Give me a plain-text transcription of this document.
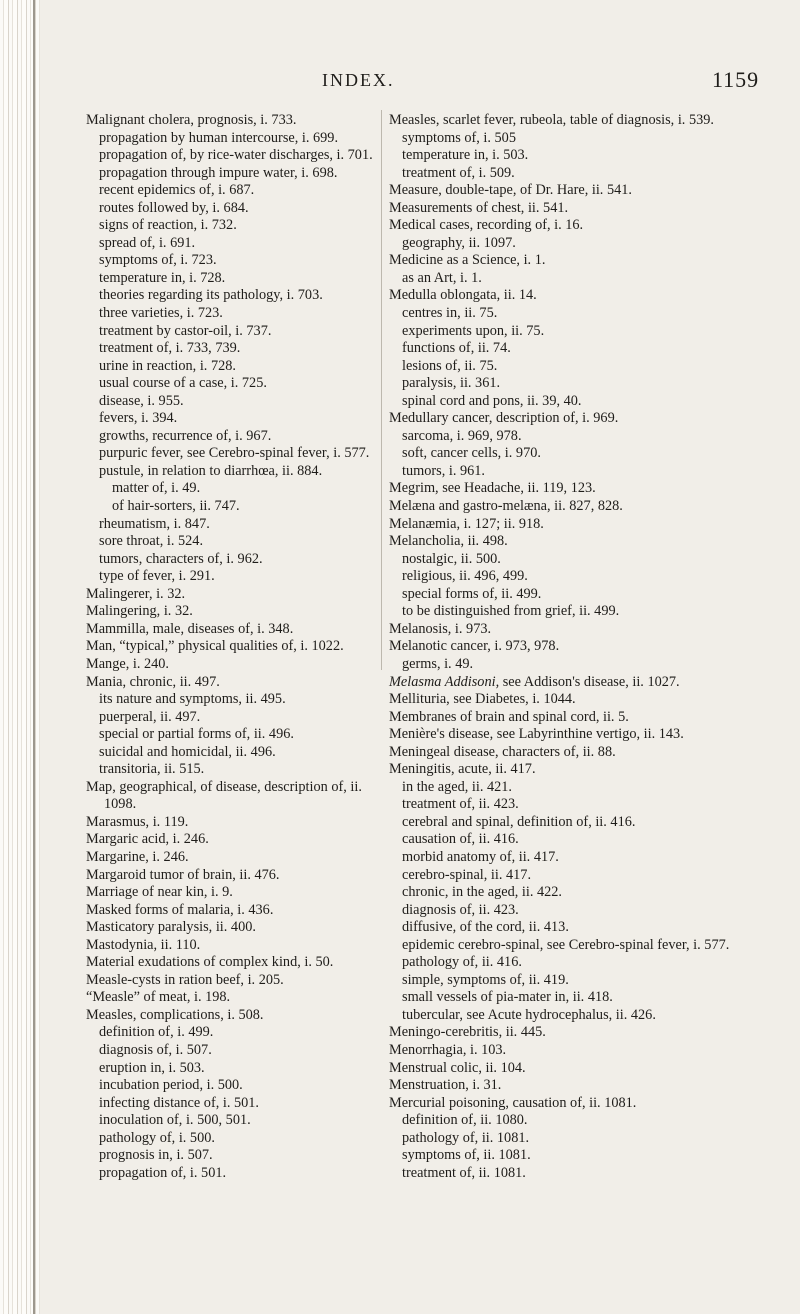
INDEX.	1159
Malignant cholera, prognosis, i. 733.
propagation by human intercourse, i. 699.
propagation of, by rice-water discharges, i. 701.
propagation through impure water, i. 698.
recent epidemics of, i. 687.
routes followed by, i. 684.
signs of reaction, i. 732.
spread of, i. 691.
symptoms of, i. 723.
temperature in, i. 728.
theories regarding its pathology, i. 703.
three varieties, i. 723.
treatment by castor-oil, i. 737.
treatment of, i. 733, 739.
urine in reaction, i. 728.
usual course of a case, i. 725.
disease, i. 955.
fevers, i. 394.
growths, recurrence of, i. 967.
purpuric fever, see Cerebro-spinal fever, i. 577.
pustule, in relation to diarrhœa, ii. 884.
matter of, i. 49.
of hair-sorters, ii. 747.
rheumatism, i. 847.
sore throat, i. 524.
tumors, characters of, i. 962.
type of fever, i. 291.
Malingerer, i. 32.
Malingering, i. 32.
Mammilla, male, diseases of, i. 348.
Man, “typical,” physical qualities of, i. 1022.
Mange, i. 240.
Mania, chronic, ii. 497.
its nature and symptoms, ii. 495.
puerperal, ii. 497.
special or partial forms of, ii. 496.
suicidal and homicidal, ii. 496.
transitoria, ii. 515.
Map, geographical, of disease, description of, ii. 1098.
Marasmus, i. 119.
Margaric acid, i. 246.
Margarine, i. 246.
Margaroid tumor of brain, ii. 476.
Marriage of near kin, i. 9.
Masked forms of malaria, i. 436.
Masticatory paralysis, ii. 400.
Mastodynia, ii. 110.
Material exudations of complex kind, i. 50.
Measle-cysts in ration beef, i. 205.
“Measle” of meat, i. 198.
Measles, complications, i. 508.
definition of, i. 499.
diagnosis of, i. 507.
eruption in, i. 503.
incubation period, i. 500.
infecting distance of, i. 501.
inoculation of, i. 500, 501.
pathology of, i. 500.
prognosis in, i. 507.
propagation of, i. 501.
Measles, scarlet fever, rubeola, table of diagnosis, i. 539.
symptoms of, i. 505
temperature in, i. 503.
treatment of, i. 509.
Measure, double-tape, of Dr. Hare, ii. 541.
Measurements of chest, ii. 541.
Medical cases, recording of, i. 16.
geography, ii. 1097.
Medicine as a Science, i. 1.
as an Art, i. 1.
Medulla oblongata, ii. 14.
centres in, ii. 75.
experiments upon, ii. 75.
functions of, ii. 74.
lesions of, ii. 75.
paralysis, ii. 361.
spinal cord and pons, ii. 39, 40.
Medullary cancer, description of, i. 969.
sarcoma, i. 969, 978.
soft, cancer cells, i. 970.
tumors, i. 961.
Megrim, see Headache, ii. 119, 123.
Melæna and gastro-melæna, ii. 827, 828.
Melanæmia, i. 127; ii. 918.
Melancholia, ii. 498.
nostalgic, ii. 500.
religious, ii. 496, 499.
special forms of, ii. 499.
to be distinguished from grief, ii. 499.
Melanosis, i. 973.
Melanotic cancer, i. 973, 978.
germs, i. 49.
Melasma Addisoni, see Addison's disease, ii. 1027.
Mellituria, see Diabetes, i. 1044.
Membranes of brain and spinal cord, ii. 5.
Menière's disease, see Labyrinthine vertigo, ii. 143.
Meningeal disease, characters of, ii. 88.
Meningitis, acute, ii. 417.
in the aged, ii. 421.
treatment of, ii. 423.
cerebral and spinal, definition of, ii. 416.
causation of, ii. 416.
morbid anatomy of, ii. 417.
cerebro-spinal, ii. 417.
chronic, in the aged, ii. 422.
diagnosis of, ii. 423.
diffusive, of the cord, ii. 413.
epidemic cerebro-spinal, see Cerebro-spinal fever, i. 577.
pathology of, ii. 416.
simple, symptoms of, ii. 419.
small vessels of pia-mater in, ii. 418.
tubercular, see Acute hydrocephalus, ii. 426.
Meningo-cerebritis, ii. 445.
Menorrhagia, i. 103.
Menstrual colic, ii. 104.
Menstruation, i. 31.
Mercurial poisoning, causation of, ii. 1081.
definition of, ii. 1080.
pathology of, ii. 1081.
symptoms of, ii. 1081.
treatment of, ii. 1081.
